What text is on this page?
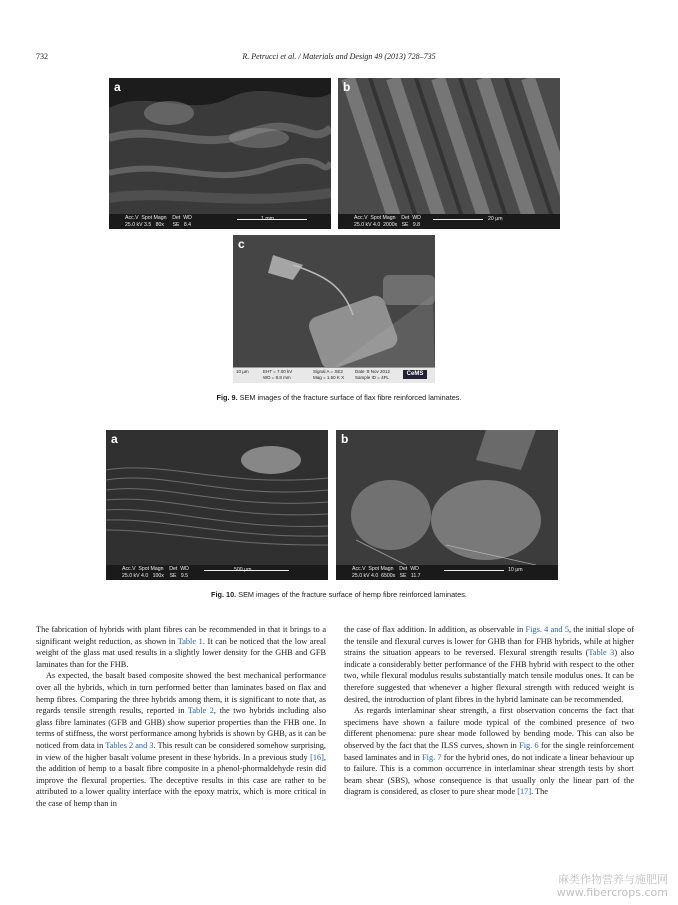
732	R. Petrucci et al. / Materials and Design 49 (2013) 728–735
a
Acc.V  Spot Magn    Det  WD
25.0 kV 3.5   80x      SE   8.4
1 mm
b
Acc.V  Spot Magn    Det  WD
25.0 kV 4.0  2000x   SE   9.8
20 µm
c
10 µm	EHT = 7.00 kV
WD = 8.8 mm
Signal A = SE2
Mag = 1.50 K X
Date :8 Nov 2012
Sample ID = 4FL
CeMS
Fig. 9. SEM images of the fracture surface of flax fibre reinforced laminates.
a
Acc.V  Spot Magn    Det  WD
25.0 kV 4.0   100x    SE   9.5
500 µm
b
Acc.V  Spot Magn    Det  WD
25.0 kV 4.0  6500x   SE   11.7
10 µm
Fig. 10. SEM images of the fracture surface of hemp fibre reinforced laminates.

The fabrication of hybrids with plant fibres can be recommended in that it brings to a significant weight reduction, as shown in Table 1. It can be noticed that the low areal weight of the glass mat used results in a slightly lower density for the GHB and GFB laminates than for the FHB.

As expected, the basalt based composite showed the best mechanical performance over all the hybrids, which in turn performed better than laminates based on flax and hemp fibres. Comparing the three hybrids among them, it is significant to note that, as regards tensile strength results, reported in Table 2, the two hybrids including also glass fibre laminates (GFB and GHB) show superior properties than the FHB one. In terms of stiffness, the worst performance among hybrids is shown by GHB, as it can be noticed from data in Tables 2 and 3. This result can be considered somehow surprising, in view of the higher basalt volume present in these hybrids. In a previous study [16], the addition of hemp to a basalt fibre composite in a phenol-phormaldehyde resin did improve the flexural properties. The deceptive results in this case are rather to be attributed to a lower quality interface with the epoxy matrix, which is more critical in the case of hemp than in

the case of flax addition. In addition, as observable in Figs. 4 and 5, the initial slope of the tensile and flexural curves is lower for GHB than for FHB hybrids, while at higher strains the situation appears to be reversed. Flexural strength results (Table 3) also indicate a considerably better performance of the FHB hybrid with respect to the other two, while flexural modulus results substantially match tensile modulus ones. It can be therefore suggested that whenever a higher flexural strength with reduced weight is desired, the introduction of plant fibres in the hybrid laminate can be recommended.

As regards interlaminar shear strength, a first observation concerns the fact that specimens have shown a failure mode typical of the combined presence of two different phenomena: pure shear mode followed by bending mode. This can also be observed by the fact that the ILSS curves, shown in Fig. 6 for the single reinforcement based laminates and in Fig. 7 for the hybrid ones, do not indicate a linear behaviour up to failure. This is a common occurrence in interlaminar shear strength tests by short beam shear (SBS), whose consequence is that usually only the linear part of the diagram is considered, as closer to pure shear mode [17]. The

麻类作物营养与施肥网
www.fibercrops.com
